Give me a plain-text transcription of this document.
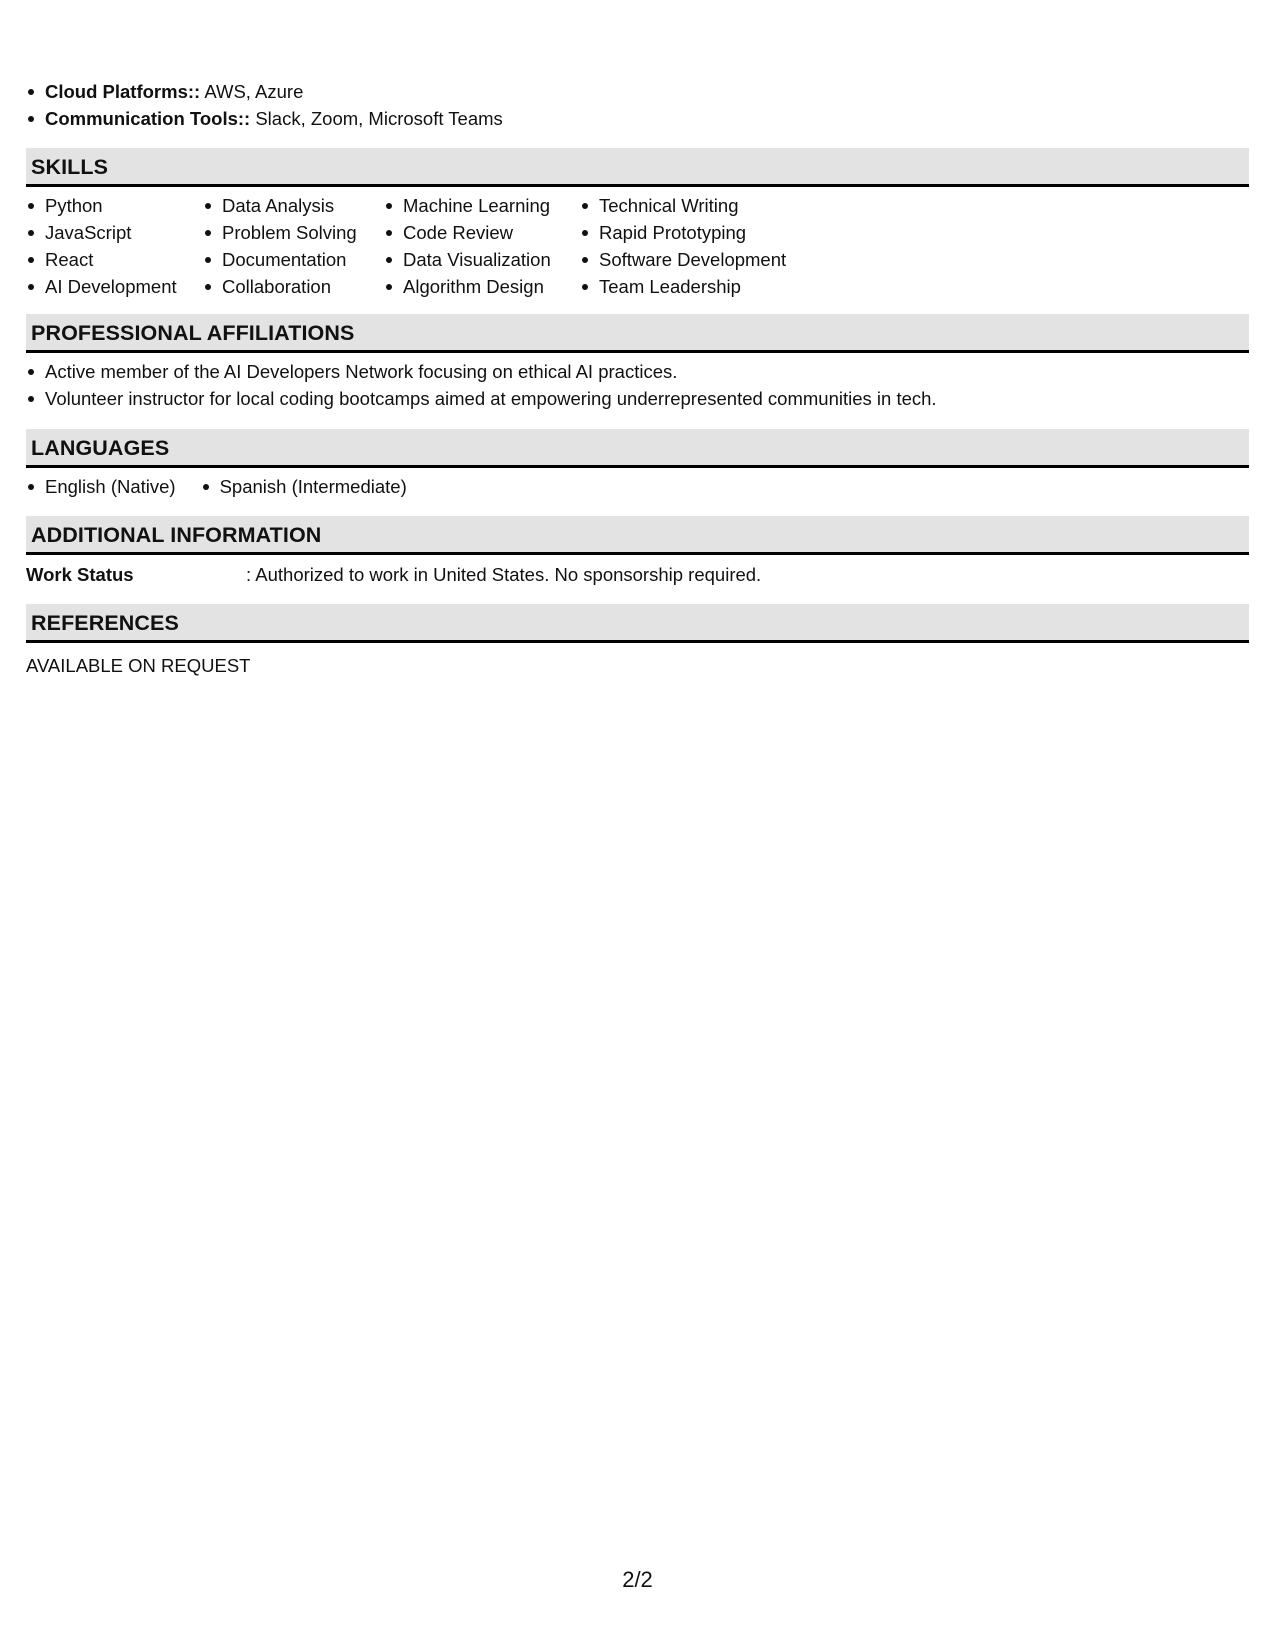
Cloud Platforms:: AWS, Azure
Communication Tools:: Slack, Zoom, Microsoft Teams
SKILLS
Python
JavaScript
React
AI Development
Data Analysis
Problem Solving
Documentation
Collaboration
Machine Learning
Code Review
Data Visualization
Algorithm Design
Technical Writing
Rapid Prototyping
Software Development
Team Leadership
PROFESSIONAL AFFILIATIONS
Active member of the AI Developers Network focusing on ethical AI practices.
Volunteer instructor for local coding bootcamps aimed at empowering underrepresented communities in tech.
LANGUAGES
English (Native)	Spanish (Intermediate)
ADDITIONAL INFORMATION
Work Status	: Authorized to work in United States. No sponsorship required.
REFERENCES
AVAILABLE ON REQUEST
2/2
